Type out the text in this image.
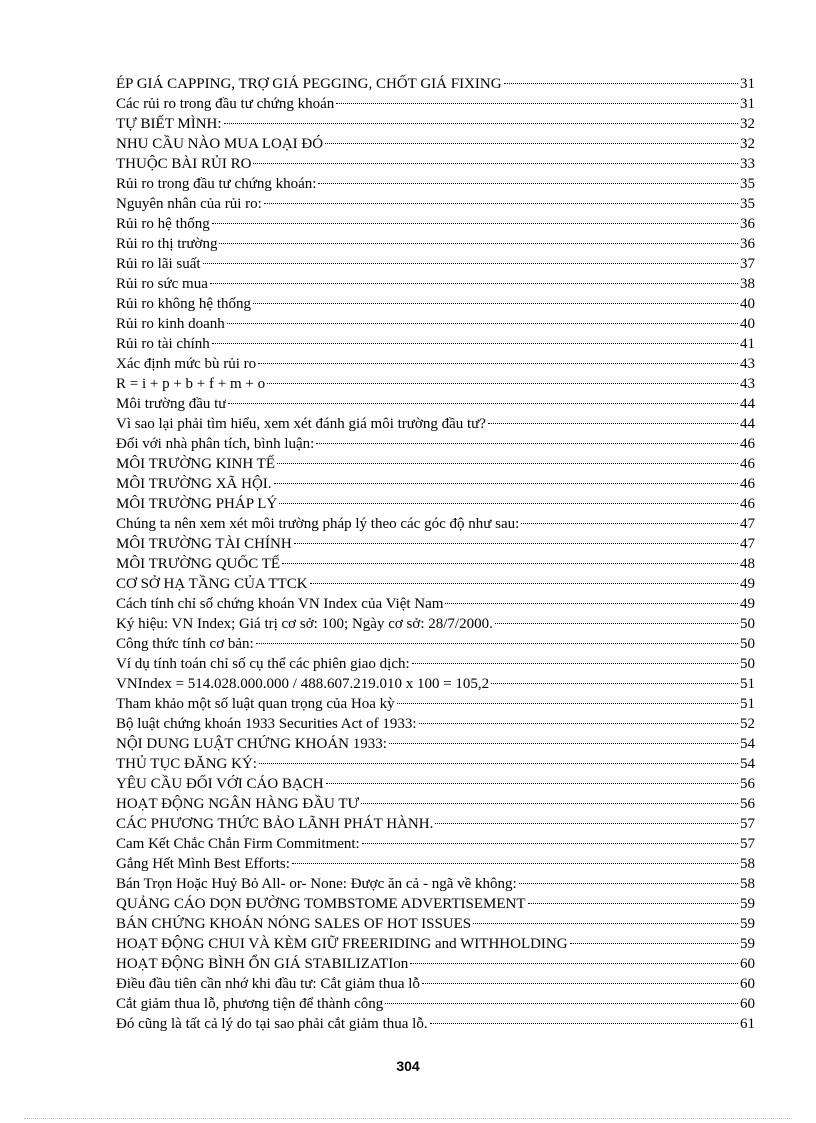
ÉP GIÁ CAPPING, TRỢ GIÁ PEGGING, CHỐT GIÁ FIXING	31
Các rủi ro trong đầu tư chứng khoán	31
TỰ BIẾT MÌNH:	32
NHU CẦU NÀO MUA LOẠI ĐÓ	32
THUỘC BÀI RỦI RO	33
Rủi ro trong đầu tư chứng khoán:	35
Nguyên nhân của rủi ro:	35
Rủi ro hệ thống	36
Rủi ro thị trường	36
Rủi ro lãi suất	37
Rủi ro sức mua	38
Rủi ro không hệ thống	40
Rủi ro kinh doanh	40
Rủi ro tài chính	41
Xác định mức bù rủi ro	43
R = i + p + b + f + m + o	43
Môi trường đầu tư	44
Vì sao lại phải tìm hiểu, xem xét đánh giá môi trường đầu tư?	44
Đối với nhà phân tích, bình luận:	46
MÔI TRƯỜNG KINH TẾ	46
MÔI TRƯỜNG XÃ HỘI.	46
MÔI TRƯỜNG PHÁP LÝ	46
Chúng ta nên xem xét môi trường pháp lý theo các góc độ như sau:	47
MÔI TRƯỜNG TÀI CHÍNH	47
MÔI TRƯỜNG QUỐC TẾ	48
CƠ SỞ HẠ TẦNG CỦA TTCK	49
Cách tính chỉ số chứng khoán VN Index của Việt Nam	49
Ký hiệu: VN Index; Giá trị cơ sở: 100; Ngày cơ sở: 28/7/2000.	50
Công thức tính cơ bản:	50
Ví dụ tính toán chỉ số cụ thể các phiên giao dịch:	50
VNIndex = 514.028.000.000 / 488.607.219.010 x 100 = 105,2	51
Tham khảo một số luật quan trọng của Hoa kỳ	51
Bộ luật chứng khoán 1933 Securities Act of 1933:	52
NỘI DUNG LUẬT CHỨNG KHOÁN 1933:	54
THỦ TỤC ĐĂNG KÝ:	54
YÊU CẦU ĐỐI VỚI CÁO BẠCH	56
HOẠT ĐỘNG NGÂN HÀNG ĐẦU TƯ	56
CÁC PHƯƠNG THỨC BẢO LÃNH PHÁT HÀNH.	57
Cam Kết Chắc Chắn Firm Commitment:	57
Gắng Hết Mình Best Efforts:	58
Bán Trọn Hoặc Huỷ Bỏ All- or- None: Được ăn cả - ngã về không:	58
QUẢNG CÁO DỌN ĐƯỜNG TOMBSTOME ADVERTISEMENT	59
BÁN CHỨNG KHOÁN NÓNG SALES OF HOT ISSUES	59
HOẠT ĐỘNG CHUI VÀ KÈM GIỮ FREERIDING and WITHHOLDING	59
HOẠT ĐỘNG BÌNH ỔN GIÁ STABILIZATIon	60
Điều đầu tiên cần nhớ khi đầu tư: Cắt giảm thua lỗ	60
Cắt giảm thua lỗ, phương tiện để thành công	60
Đó cũng là tất cả lý do tại sao phải cắt giảm thua lỗ.	61
304
